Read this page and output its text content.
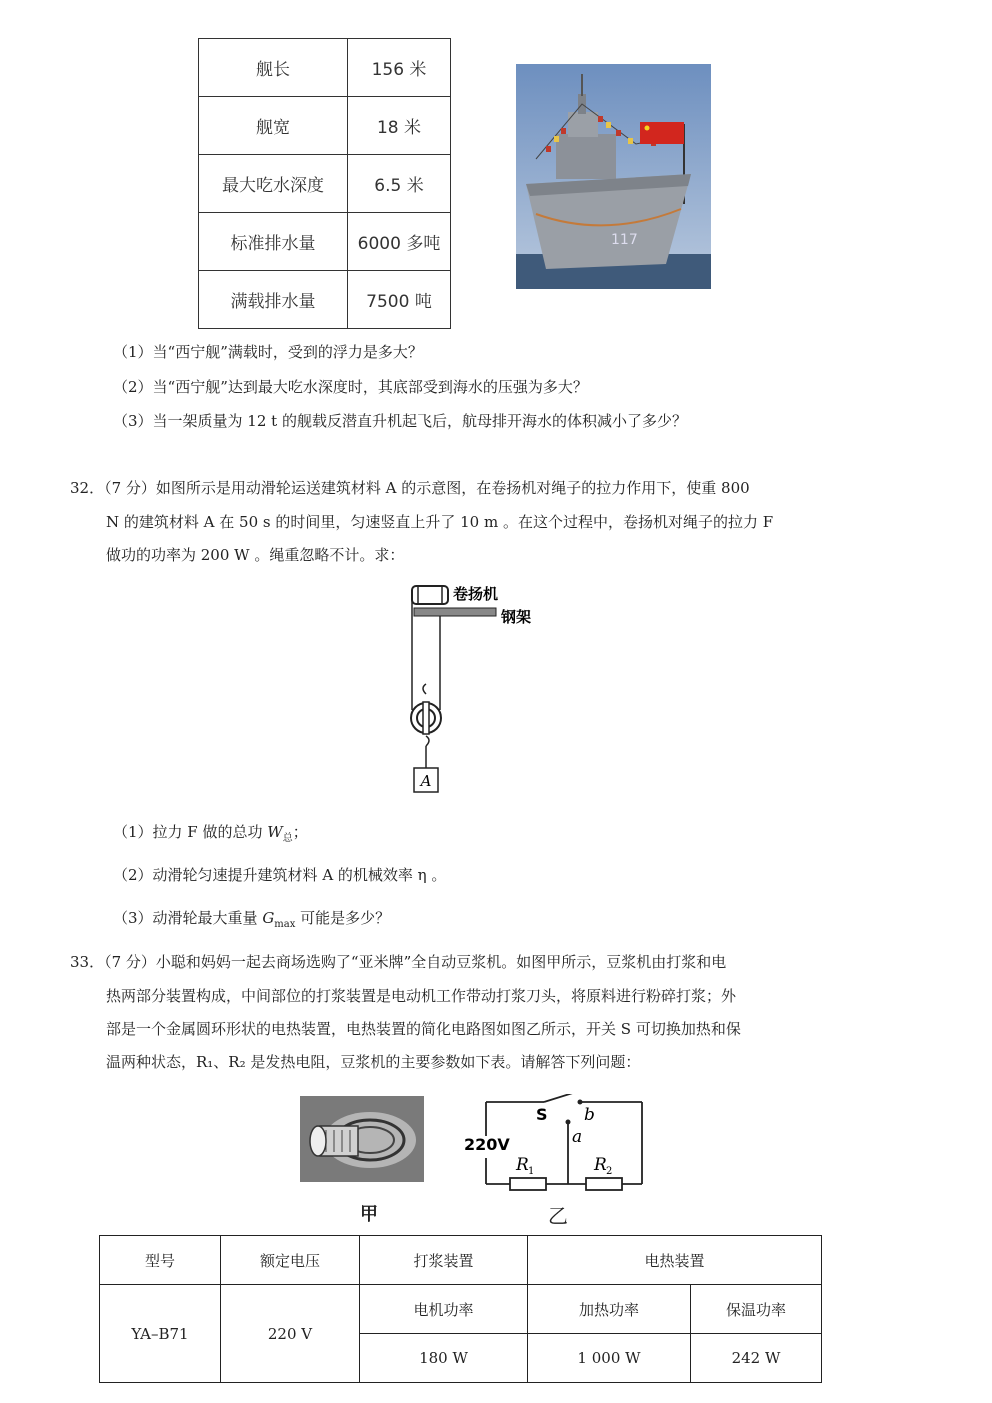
舰长	156 米
舰宽	18 米
最大吃水深度	6.5 米
标准排水量	6000 多吨
满载排水量	7500 吨
117
（1）当“西宁舰”满载时，受到的浮力是多大？
（2）当“西宁舰”达到最大吃水深度时，其底部受到海水的压强为多大？
（3）当一架质量为 12 t 的舰载反潜直升机起飞后，航母排开海水的体积减小了多少？
32．（7 分）如图所示是用动滑轮运送建筑材料 A 的示意图，在卷扬机对绳子的拉力作用下，使重 800
N 的建筑材料 A 在 50 s 的时间里，匀速竖直上升了 10 m 。在这个过程中，卷扬机对绳子的拉力 F
做功的功率为 200 W 。绳重忽略不计。求：
A
卷扬机
钢架
（1）拉力 F 做的总功 $W_总$；
（2）动滑轮匀速提升建筑材料 A 的机械效率 η 。
（3）动滑轮最大重量 $G_{max}$ 可能是多少？
33．（7 分）小聪和妈妈一起去商场选购了“亚米牌”全自动豆浆机。如图甲所示，豆浆机由打浆和电
热两部分装置构成，中间部位的打浆装置是电动机工作带动打浆刀头，将原料进行粉碎打浆；外
部是一个金属圆环形状的电热装置，电热装置的简化电路图如图乙所示，开关 S 可切换加热和保
温两种状态，R₁、R₂ 是发热电阻，豆浆机的主要参数如下表。请解答下列问题：
甲
220V
S
a
b
R 1	R 2
乙
型号	额定电压	打浆装置	电热装置	
YA–B71	220 V	电机功率	加热功率	保温功率
		180 W	1 000 W	242 W
